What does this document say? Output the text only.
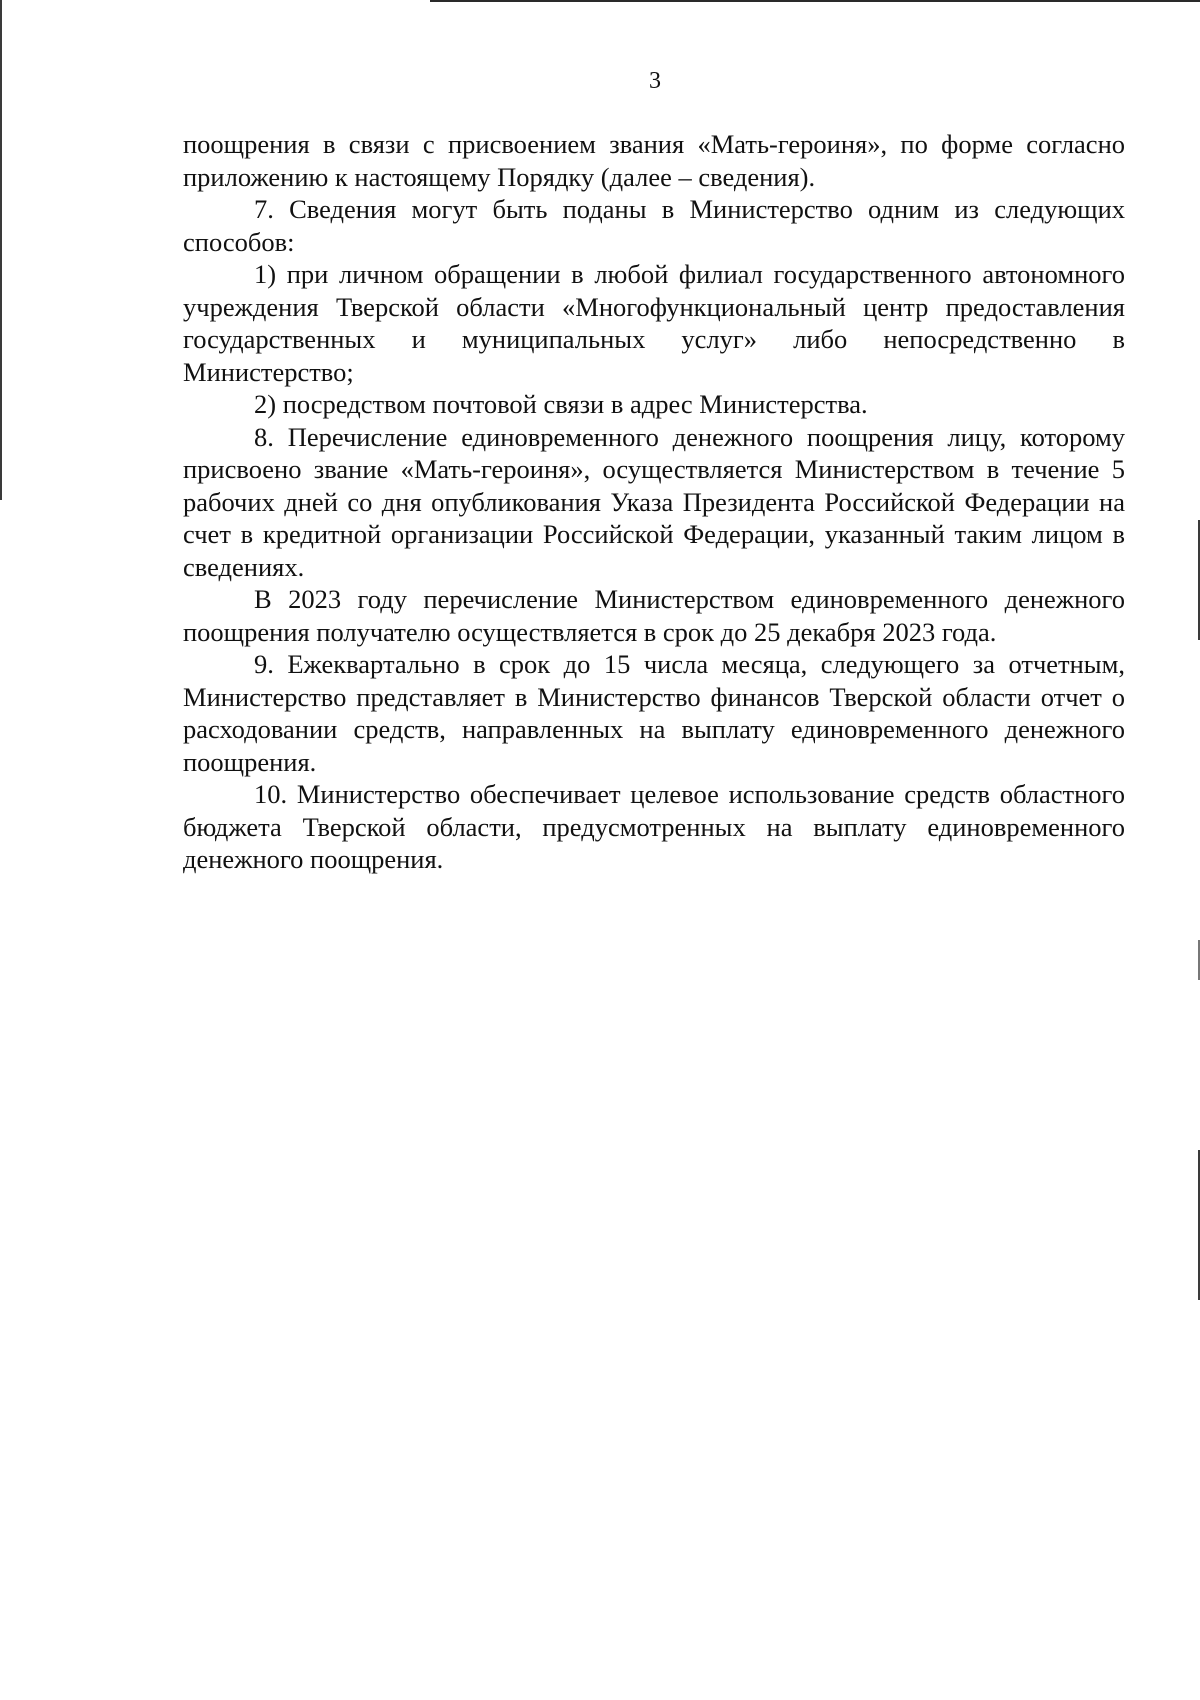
3

поощрения в связи с присвоением звания «Мать-героиня», по форме согласно приложению к настоящему Порядку (далее – сведения).

7. Сведения могут быть поданы в Министерство одним из следующих способов:

1) при личном обращении в любой филиал государственного автономного учреждения Тверской области «Многофункциональный центр предоставления государственных и муниципальных услуг» либо непосредственно в Министерство;

2) посредством почтовой связи в адрес Министерства.

8. Перечисление единовременного денежного поощрения лицу, которому присвоено звание «Мать-героиня», осуществляется Министерством в течение 5 рабочих дней со дня опубликования Указа Президента Российской Федерации на счет в кредитной организации Российской Федерации, указанный таким лицом в сведениях.

В 2023 году перечисление Министерством единовременного денежного поощрения получателю осуществляется в срок до 25 декабря 2023 года.

9. Ежеквартально в срок до 15 числа месяца, следующего за отчетным, Министерство представляет в Министерство финансов Тверской области отчет о расходовании средств, направленных на выплату единовременного денежного поощрения.

10. Министерство обеспечивает целевое использование средств областного бюджета Тверской области, предусмотренных на выплату единовременного денежного поощрения.
